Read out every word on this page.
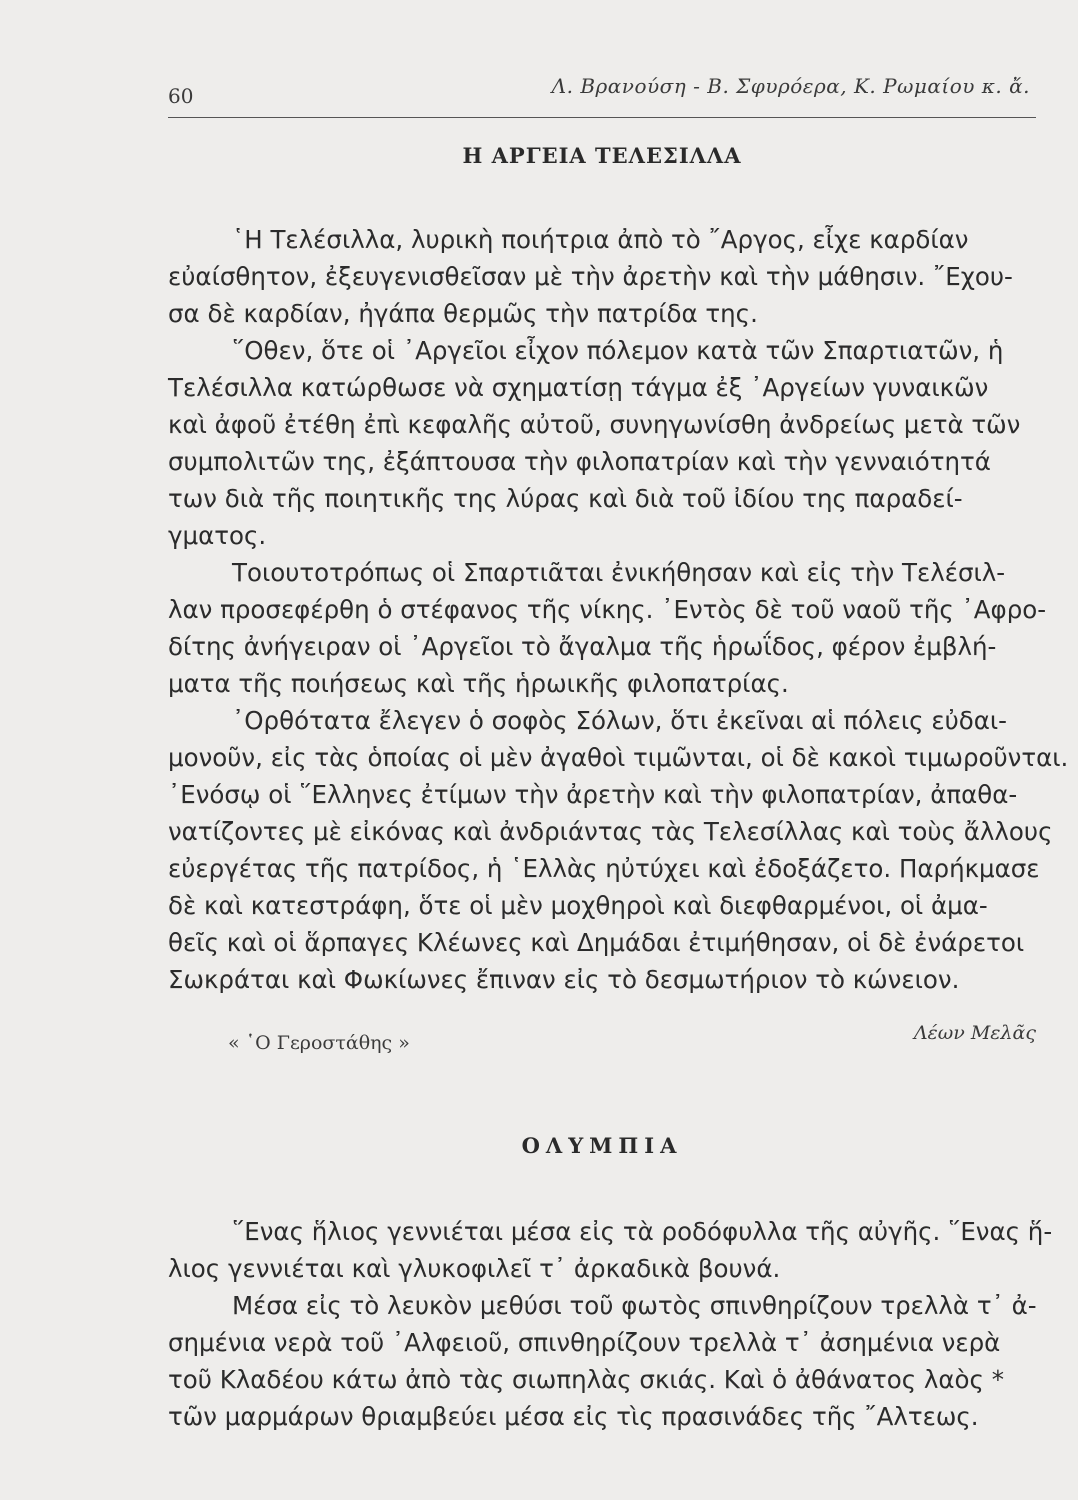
60	Λ. Βρανούση - Β. Σφυρόερα, Κ. Ρωμαίου κ. ἄ.
Η ΑΡΓΕΙΑ ΤΕΛΕΣΙΛΛΑ

῾Η Τελέσιλλα, λυρικὴ ποιήτρια ἀπὸ τὸ ῎Αργος, εἶχε καρδίαν
εὐαίσθητον, ἐξευγενισθεῖσαν μὲ τὴν ἀρετὴν καὶ τὴν μάθησιν. ῎Εχου-
σα δὲ καρδίαν, ἠγάπα θερμῶς τὴν πατρίδα της.

῞Οθεν, ὅτε οἱ ᾿Αργεῖοι εἶχον πόλεμον κατὰ τῶν Σπαρτιατῶν, ἡ
Τελέσιλλα κατώρθωσε νὰ σχηματίσῃ τάγμα ἐξ ᾿Αργείων γυναικῶν
καὶ ἀφοῦ ἐτέθη ἐπὶ κεφαλῆς αὐτοῦ, συνηγωνίσθη ἀνδρείως μετὰ τῶν
συμπολιτῶν της, ἐξάπτουσα τὴν φιλοπατρίαν καὶ τὴν γενναιότητά
των διὰ τῆς ποιητικῆς της λύρας καὶ διὰ τοῦ ἰδίου της παραδεί-
γματος.

Τοιουτοτρόπως οἱ Σπαρτιᾶται ἐνικήθησαν καὶ εἰς τὴν Τελέσιλ-
λαν προσεφέρθη ὁ στέφανος τῆς νίκης. ᾿Εντὸς δὲ τοῦ ναοῦ τῆς ᾿Αφρο-
δίτης ἀνήγειραν οἱ ᾿Αργεῖοι τὸ ἄγαλμα τῆς ἡρωΐδος, φέρον ἐμβλή-
ματα τῆς ποιήσεως καὶ τῆς ἡρωικῆς φιλοπατρίας.

᾿Ορθότατα ἔλεγεν ὁ σοφὸς Σόλων, ὅτι ἐκεῖναι αἱ πόλεις εὐδαι-
μονοῦν, εἰς τὰς ὁποίας οἱ μὲν ἀγαθοὶ τιμῶνται, οἱ δὲ κακοὶ τιμωροῦνται.
᾿Ενόσῳ οἱ ῞Ελληνες ἐτίμων τὴν ἀρετὴν καὶ τὴν φιλοπατρίαν, ἀπαθα-
νατίζοντες μὲ εἰκόνας καὶ ἀνδριάντας τὰς Τελεσίλλας καὶ τοὺς ἄλλους
εὐεργέτας τῆς πατρίδος, ἡ ῾Ελλὰς ηὐτύχει καὶ ἐδοξάζετο. Παρήκμασε
δὲ καὶ κατεστράφη, ὅτε οἱ μὲν μοχθηροὶ καὶ διεφθαρμένοι, οἱ ἀμα-
θεῖς καὶ οἱ ἅρπαγες Κλέωνες καὶ Δημάδαι ἐτιμήθησαν, οἱ δὲ ἐνάρετοι
Σωκράται καὶ Φωκίωνες ἔπιναν εἰς τὸ δεσμωτήριον τὸ κώνειον.

« ῾Ο Γεροστάθης »	Λέων Μελᾶς
ΟΛΥΜΠΙΑ

῞Ενας ἥλιος γεννιέται μέσα εἰς τὰ ροδόφυλλα τῆς αὐγῆς. ῞Ενας ἥ-
λιος γεννιέται καὶ γλυκοφιλεῖ τ᾿ ἀρκαδικὰ βουνά.

Μέσα εἰς τὸ λευκὸν μεθύσι τοῦ φωτὸς σπινθηρίζουν τρελλὰ τ᾿ ἀ-
σημένια νερὰ τοῦ ᾿Αλφειοῦ, σπινθηρίζουν τρελλὰ τ᾿ ἀσημένια νερὰ
τοῦ Κλαδέου κάτω ἀπὸ τὰς σιωπηλὰς σκιάς. Καὶ ὁ ἀθάνατος λαὸς *
τῶν μαρμάρων θριαμβεύει μέσα εἰς τὶς πρασινάδες τῆς ῎Αλτεως.
